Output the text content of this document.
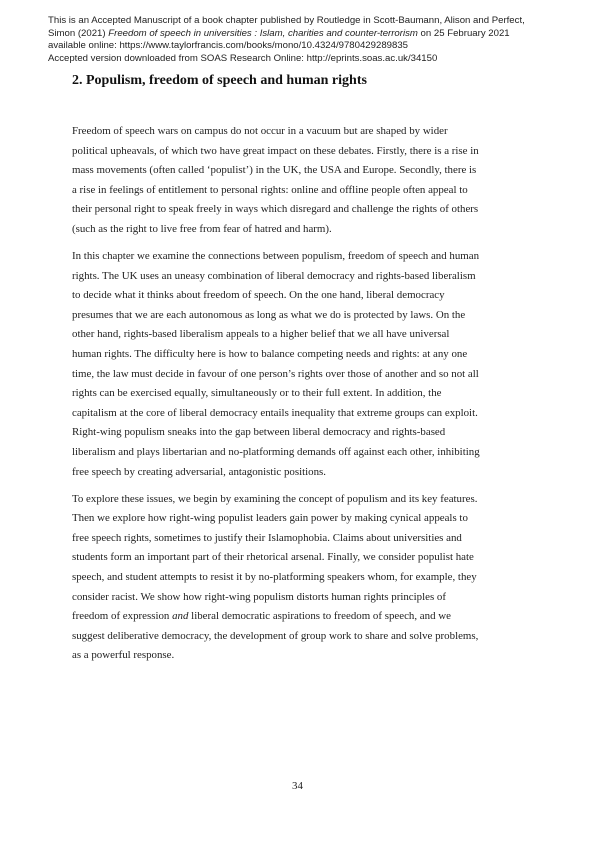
This is an Accepted Manuscript of a book chapter published by Routledge in Scott-Baumann, Alison and Perfect,
Simon (2021) Freedom of speech in universities : Islam, charities and counter-terrorism on 25 February 2021
available online: https://www.taylorfrancis.com/books/mono/10.4324/9780429289835
Accepted version downloaded from SOAS Research Online: http://eprints.soas.ac.uk/34150
2. Populism, freedom of speech and human rights

Freedom of speech wars on campus do not occur in a vacuum but are shaped by wider
political upheavals, of which two have great impact on these debates. Firstly, there is a rise in
mass movements (often called ‘populist’) in the UK, the USA and Europe. Secondly, there is
a rise in feelings of entitlement to personal rights: online and offline people often appeal to
their personal right to speak freely in ways which disregard and challenge the rights of others
(such as the right to live free from fear of hatred and harm).

In this chapter we examine the connections between populism, freedom of speech and human
rights. The UK uses an uneasy combination of liberal democracy and rights-based liberalism
to decide what it thinks about freedom of speech. On the one hand, liberal democracy
presumes that we are each autonomous as long as what we do is protected by laws. On the
other hand, rights-based liberalism appeals to a higher belief that we all have universal
human rights. The difficulty here is how to balance competing needs and rights: at any one
time, the law must decide in favour of one person’s rights over those of another and so not all
rights can be exercised equally, simultaneously or to their full extent. In addition, the
capitalism at the core of liberal democracy entails inequality that extreme groups can exploit.
Right-wing populism sneaks into the gap between liberal democracy and rights-based
liberalism and plays libertarian and no-platforming demands off against each other, inhibiting
free speech by creating adversarial, antagonistic positions.

To explore these issues, we begin by examining the concept of populism and its key features.
Then we explore how right-wing populist leaders gain power by making cynical appeals to
free speech rights, sometimes to justify their Islamophobia. Claims about universities and
students form an important part of their rhetorical arsenal. Finally, we consider populist hate
speech, and student attempts to resist it by no-platforming speakers whom, for example, they
consider racist. We show how right-wing populism distorts human rights principles of
freedom of expression and liberal democratic aspirations to freedom of speech, and we
suggest deliberative democracy, the development of group work to share and solve problems,
as a powerful response.

34
